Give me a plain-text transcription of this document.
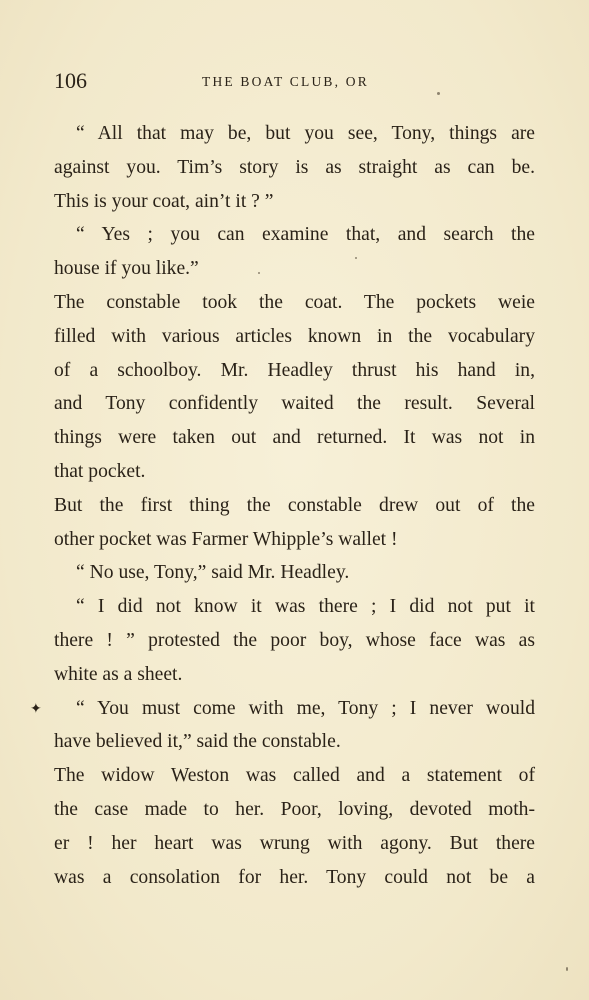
106	THE BOAT CLUB, OR
“ All that may be, but you see, Tony, things are
against you. Tim’s story is as straight as can be.
This is your coat, ain’t it ? ”
“ Yes ; you can examine that, and search the
house if you like.”
The constable took the coat. The pockets weie
filled with various articles known in the vocabulary
of a schoolboy. Mr. Headley thrust his hand in,
and Tony confidently waited the result. Several
things were taken out and returned. It was not in
that pocket.
But the first thing the constable drew out of the
other pocket was Farmer Whipple’s wallet !
“ No use, Tony,” said Mr. Headley.
“ I did not know it was there ; I did not put it
there ! ” protested the poor boy, whose face was as
white as a sheet.
“ You must come with me, Tony ; I never would
have believed it,” said the constable.
The widow Weston was called and a statement of
the case made to her. Poor, loving, devoted moth-
er ! her heart was wrung with agony. But there
was a consolation for her. Tony could not be a
✦
